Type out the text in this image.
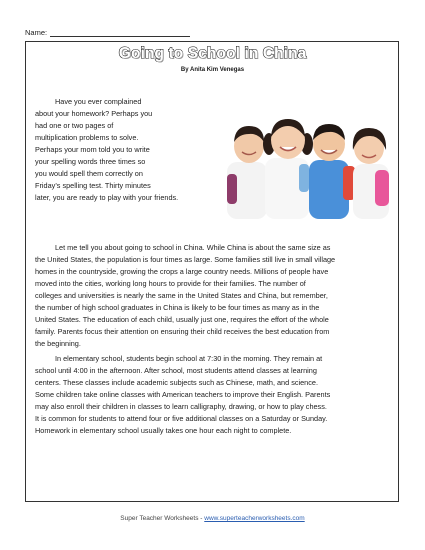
Name:
Going to School in China
By Anita Kim Venegas
Have you ever complained
about your homework? Perhaps you
had one or two pages of
multiplication problems to solve.
Perhaps your mom told you to write
your spelling words three times so
you would spell them correctly on
Friday’s spelling test. Thirty minutes
later, you are ready to play with your friends.
Let me tell you about going to school in China. While China is about the same size as
the United States, the population is four times as large. Some families still live in small village
homes in the countryside, growing the crops a large country needs. Millions of people have
moved into the cities, working long hours to provide for their families. The number of
colleges and universities is nearly the same in the United States and China, but remember,
the number of high school graduates in China is likely to be four times as many as in the
United States. The education of each child, usually just one, requires the effort of the whole
family. Parents focus their attention on ensuring their child receives the best education from
the beginning.
In elementary school, students begin school at 7:30 in the morning. They remain at
school until 4:00 in the afternoon. After school, most students attend classes at learning
centers. These classes include academic subjects such as Chinese, math, and science.
Some children take online classes with American teachers to improve their English. Parents
may also enroll their children in classes to learn calligraphy, drawing, or how to play chess.
It is common for students to attend four or five additional classes on a Saturday or Sunday.
Homework in elementary school usually takes one hour each night to complete.
Super Teacher Worksheets - www.superteacherworksheets.com
